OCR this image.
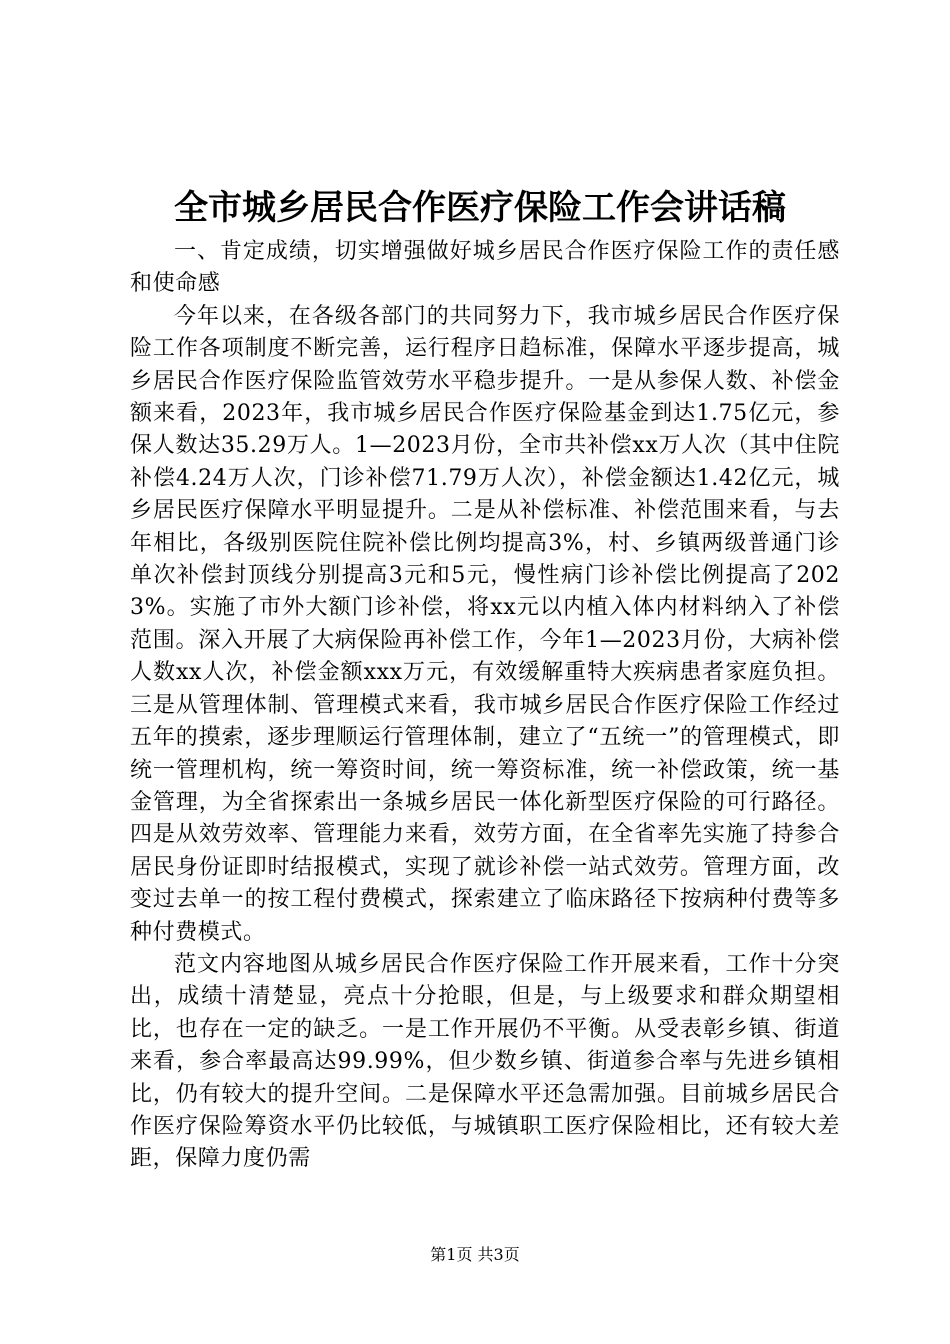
全市城乡居民合作医疗保险工作会讲话稿

一、肯定成绩，切实增强做好城乡居民合作医疗保险工作的责任感和使命感

今年以来，在各级各部门的共同努力下，我市城乡居民合作医疗保险工作各项制度不断完善，运行程序日趋标准，保障水平逐步提高，城乡居民合作医疗保险监管效劳水平稳步提升。一是从参保人数、补偿金额来看，2023年，我市城乡居民合作医疗保险基金到达1.75亿元，参保人数达35.29万人。1—2023月份，全市共补偿xx万人次（其中住院补偿4.24万人次，门诊补偿71.79万人次），补偿金额达1.42亿元，城乡居民医疗保障水平明显提升。二是从补偿标准、补偿范围来看，与去年相比，各级别医院住院补偿比例均提高3%，村、乡镇两级普通门诊单次补偿封顶线分别提高3元和5元，慢性病门诊补偿比例提高了2023%。实施了市外大额门诊补偿，将xx元以内植入体内材料纳入了补偿范围。深入开展了大病保险再补偿工作，今年1—2023月份，大病补偿人数xx人次，补偿金额xxx万元，有效缓解重特大疾病患者家庭负担。三是从管理体制、管理模式来看，我市城乡居民合作医疗保险工作经过五年的摸索，逐步理顺运行管理体制，建立了“五统一”的管理模式，即统一管理机构，统一筹资时间，统一筹资标准，统一补偿政策，统一基金管理，为全省探索出一条城乡居民一体化新型医疗保险的可行路径。四是从效劳效率、管理能力来看，效劳方面，在全省率先实施了持参合居民身份证即时结报模式，实现了就诊补偿一站式效劳。管理方面，改变过去单一的按工程付费模式，探索建立了临床路径下按病种付费等多种付费模式。

范文内容地图从城乡居民合作医疗保险工作开展来看，工作十分突出，成绩十清楚显，亮点十分抢眼，但是，与上级要求和群众期望相比，也存在一定的缺乏。一是工作开展仍不平衡。从受表彰乡镇、街道来看，参合率最高达99.99%，但少数乡镇、街道参合率与先进乡镇相比，仍有较大的提升空间。二是保障水平还急需加强。目前城乡居民合作医疗保险筹资水平仍比较低，与城镇职工医疗保险相比，还有较大差距，保障力度仍需

第1页 共3页
